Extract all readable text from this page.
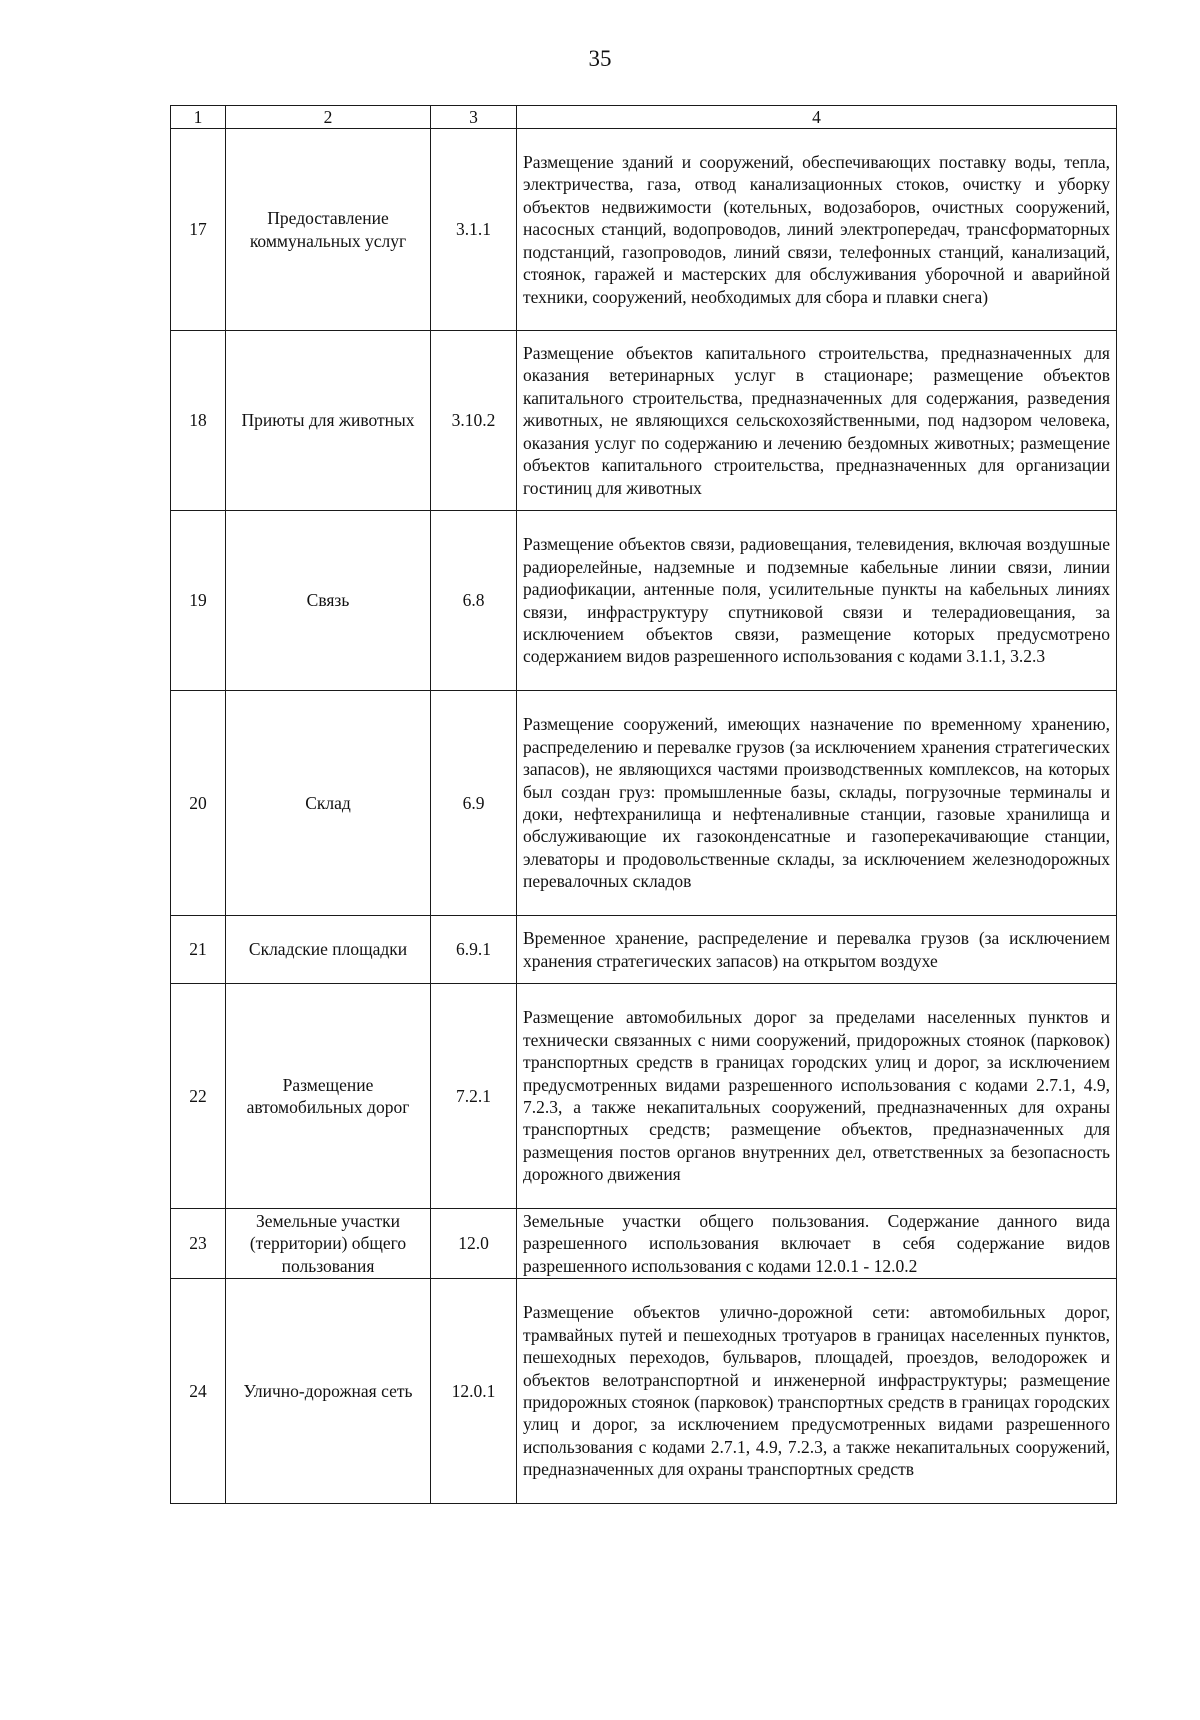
35
1	2	3	4
17	Предоставление коммунальных услуг	3.1.1	Размещение зданий и сооружений, обеспечивающих поставку воды, тепла, электричества, газа, отвод канализационных стоков, очистку и уборку объектов недвижимости (котельных, водозаборов, очистных сооружений, насосных станций, водопроводов, линий электропередач, трансформаторных подстанций, газопроводов, линий связи, телефонных станций, канализаций, стоянок, гаражей и мастерских для обслуживания уборочной и аварийной техники, сооружений, необходимых для сбора и плавки снега)
18	Приюты для животных	3.10.2	Размещение объектов капитального строительства, предназначенных для оказания ветеринарных услуг в стационаре; размещение объектов капитального строительства, предназначенных для содержания, разведения животных, не являющихся сельскохозяйственными, под надзором человека, оказания услуг по содержанию и лечению бездомных животных; размещение объектов капитального строительства, предназначенных для организации гостиниц для животных
19	Связь	6.8	Размещение объектов связи, радиовещания, телевидения, включая воздушные радиорелейные, надземные и подземные кабельные линии связи, линии радиофикации, антенные поля, усилительные пункты на кабельных линиях связи, инфраструктуру спутниковой связи и телерадиовещания, за исключением объектов связи, размещение которых предусмотрено содержанием видов разрешенного использования с кодами 3.1.1, 3.2.3
20	Склад	6.9	Размещение сооружений, имеющих назначение по временному хранению, распределению и перевалке грузов (за исключением хранения стратегических запасов), не являющихся частями производственных комплексов, на которых был создан груз: промышленные базы, склады, погрузочные терминалы и доки, нефтехранилища и нефтеналивные станции, газовые хранилища и обслуживающие их газоконденсатные и газоперекачивающие станции, элеваторы и продовольственные склады, за исключением железнодорожных перевалочных складов
21	Складские площадки	6.9.1	Временное хранение, распределение и перевалка грузов (за исключением хранения стратегических запасов) на открытом воздухе
22	Размещение автомобильных дорог	7.2.1	Размещение автомобильных дорог за пределами населенных пунктов и технически связанных с ними сооружений, придорожных стоянок (парковок) транспортных средств в границах городских улиц и дорог, за исключением предусмотренных видами разрешенного использования с кодами 2.7.1, 4.9, 7.2.3, а также некапитальных сооружений, предназначенных для охраны транспортных средств; размещение объектов, предназначенных для размещения постов органов внутренних дел, ответственных за безопасность дорожного движения
23	Земельные участки (территории) общего пользования	12.0	Земельные участки общего пользования. Содержание данного вида разрешенного использования включает в себя содержание видов разрешенного использования с кодами 12.0.1 - 12.0.2
24	Улично-дорожная сеть	12.0.1	Размещение объектов улично-дорожной сети: автомобильных дорог, трамвайных путей и пешеходных тротуаров в границах населенных пунктов, пешеходных переходов, бульваров, площадей, проездов, велодорожек и объектов велотранспортной и инженерной инфраструктуры; размещение придорожных стоянок (парковок) транспортных средств в границах городских улиц и дорог, за исключением предусмотренных видами разрешенного использования с кодами 2.7.1, 4.9, 7.2.3, а также некапитальных сооружений, предназначенных для охраны транспортных средств
